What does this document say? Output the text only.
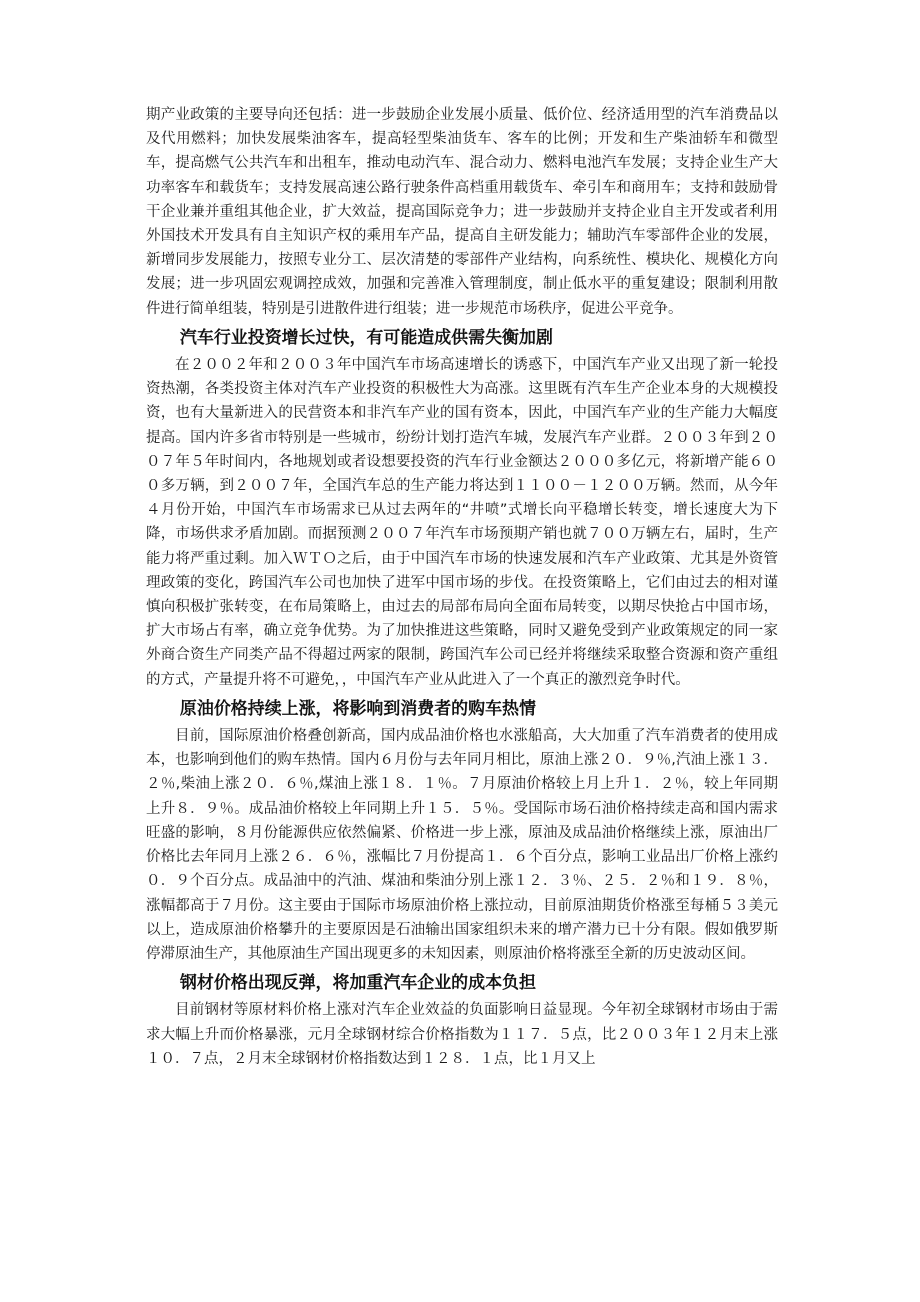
期产业政策的主要导向还包括：进一步鼓励企业发展小质量、低价位、经济适用型的汽车消费品以及代用燃料；加快发展柴油客车，提高轻型柴油货车、客车的比例；开发和生产柴油轿车和微型车，提高燃气公共汽车和出租车，推动电动汽车、混合动力、燃料电池汽车发展；支持企业生产大功率客车和载货车；支持发展高速公路行驶条件高档重用载货车、牵引车和商用车；支持和鼓励骨干企业兼并重组其他企业，扩大效益，提高国际竞争力；进一步鼓励并支持企业自主开发或者利用外国技术开发具有自主知识产权的乘用车产品，提高自主研发能力；辅助汽车零部件企业的发展，新增同步发展能力，按照专业分工、层次清楚的零部件产业结构，向系统性、模块化、规模化方向发展；进一步巩固宏观调控成效，加强和完善准入管理制度，制止低水平的重复建设；限制利用散件进行简单组装，特别是引进散件进行组装；进一步规范市场秩序，促进公平竞争。

汽车行业投资增长过快，有可能造成供需失衡加剧

在２００２年和２００３年中国汽车市场高速增长的诱惑下，中国汽车产业又出现了新一轮投资热潮，各类投资主体对汽车产业投资的积极性大为高涨。这里既有汽车生产企业本身的大规模投资，也有大量新进入的民营资本和非汽车产业的国有资本，因此，中国汽车产业的生产能力大幅度提高。国内许多省市特别是一些城市，纷纷计划打造汽车城，发展汽车产业群。２００３年到２００７年５年时间内，各地规划或者设想要投资的汽车行业金额达２０００多亿元，将新增产能６００多万辆，到２００７年，全国汽车总的生产能力将达到１１００－１２００万辆。然而，从今年４月份开始，中国汽车市场需求已从过去两年的“井喷”式增长向平稳增长转变，增长速度大为下降，市场供求矛盾加剧。而据预测２００７年汽车市场预期产销也就７００万辆左右，届时，生产能力将严重过剩。加入ＷＴＯ之后，由于中国汽车市场的快速发展和汽车产业政策、尤其是外资管理政策的变化，跨国汽车公司也加快了进军中国市场的步伐。在投资策略上，它们由过去的相对谨慎向积极扩张转变，在布局策略上，由过去的局部布局向全面布局转变，以期尽快抢占中国市场，扩大市场占有率，确立竞争优势。为了加快推进这些策略，同时又避免受到产业政策规定的同一家外商合资生产同类产品不得超过两家的限制，跨国汽车公司已经并将继续采取整合资源和资产重组的方式，产量提升将不可避免，，中国汽车产业从此进入了一个真正的激烈竞争时代。

原油价格持续上涨，将影响到消费者的购车热情

目前，国际原油价格叠创新高，国内成品油价格也水涨船高，大大加重了汽车消费者的使用成本，也影响到他们的购车热情。国内６月份与去年同月相比，原油上涨２０．９％,汽油上涨１３．２％,柴油上涨２０．６％,煤油上涨１８．１％。７月原油价格较上月上升１．２％，较上年同期上升８．９％。成品油价格较上年同期上升１５．５％。受国际市场石油价格持续走高和国内需求旺盛的影响，８月份能源供应依然偏紧、价格进一步上涨，原油及成品油价格继续上涨，原油出厂价格比去年同月上涨２６．６％，涨幅比７月份提高１．６个百分点，影响工业品出厂价格上涨约０．９个百分点。成品油中的汽油、煤油和柴油分别上涨１２．３％、２５．２％和１９．８％，涨幅都高于７月份。这主要由于国际市场原油价格上涨拉动，目前原油期货价格涨至每桶５３美元以上，造成原油价格攀升的主要原因是石油输出国家组织未来的增产潜力已十分有限。假如俄罗斯停滞原油生产，其他原油生产国出现更多的未知因素，则原油价格将涨至全新的历史波动区间。

钢材价格出现反弹，将加重汽车企业的成本负担

目前钢材等原材料价格上涨对汽车企业效益的负面影响日益显现。今年初全球钢材市场由于需求大幅上升而价格暴涨，元月全球钢材综合价格指数为１１７．５点，比２００３年１２月末上涨１０．７点，２月末全球钢材价格指数达到１２８．１点，比１月又上
